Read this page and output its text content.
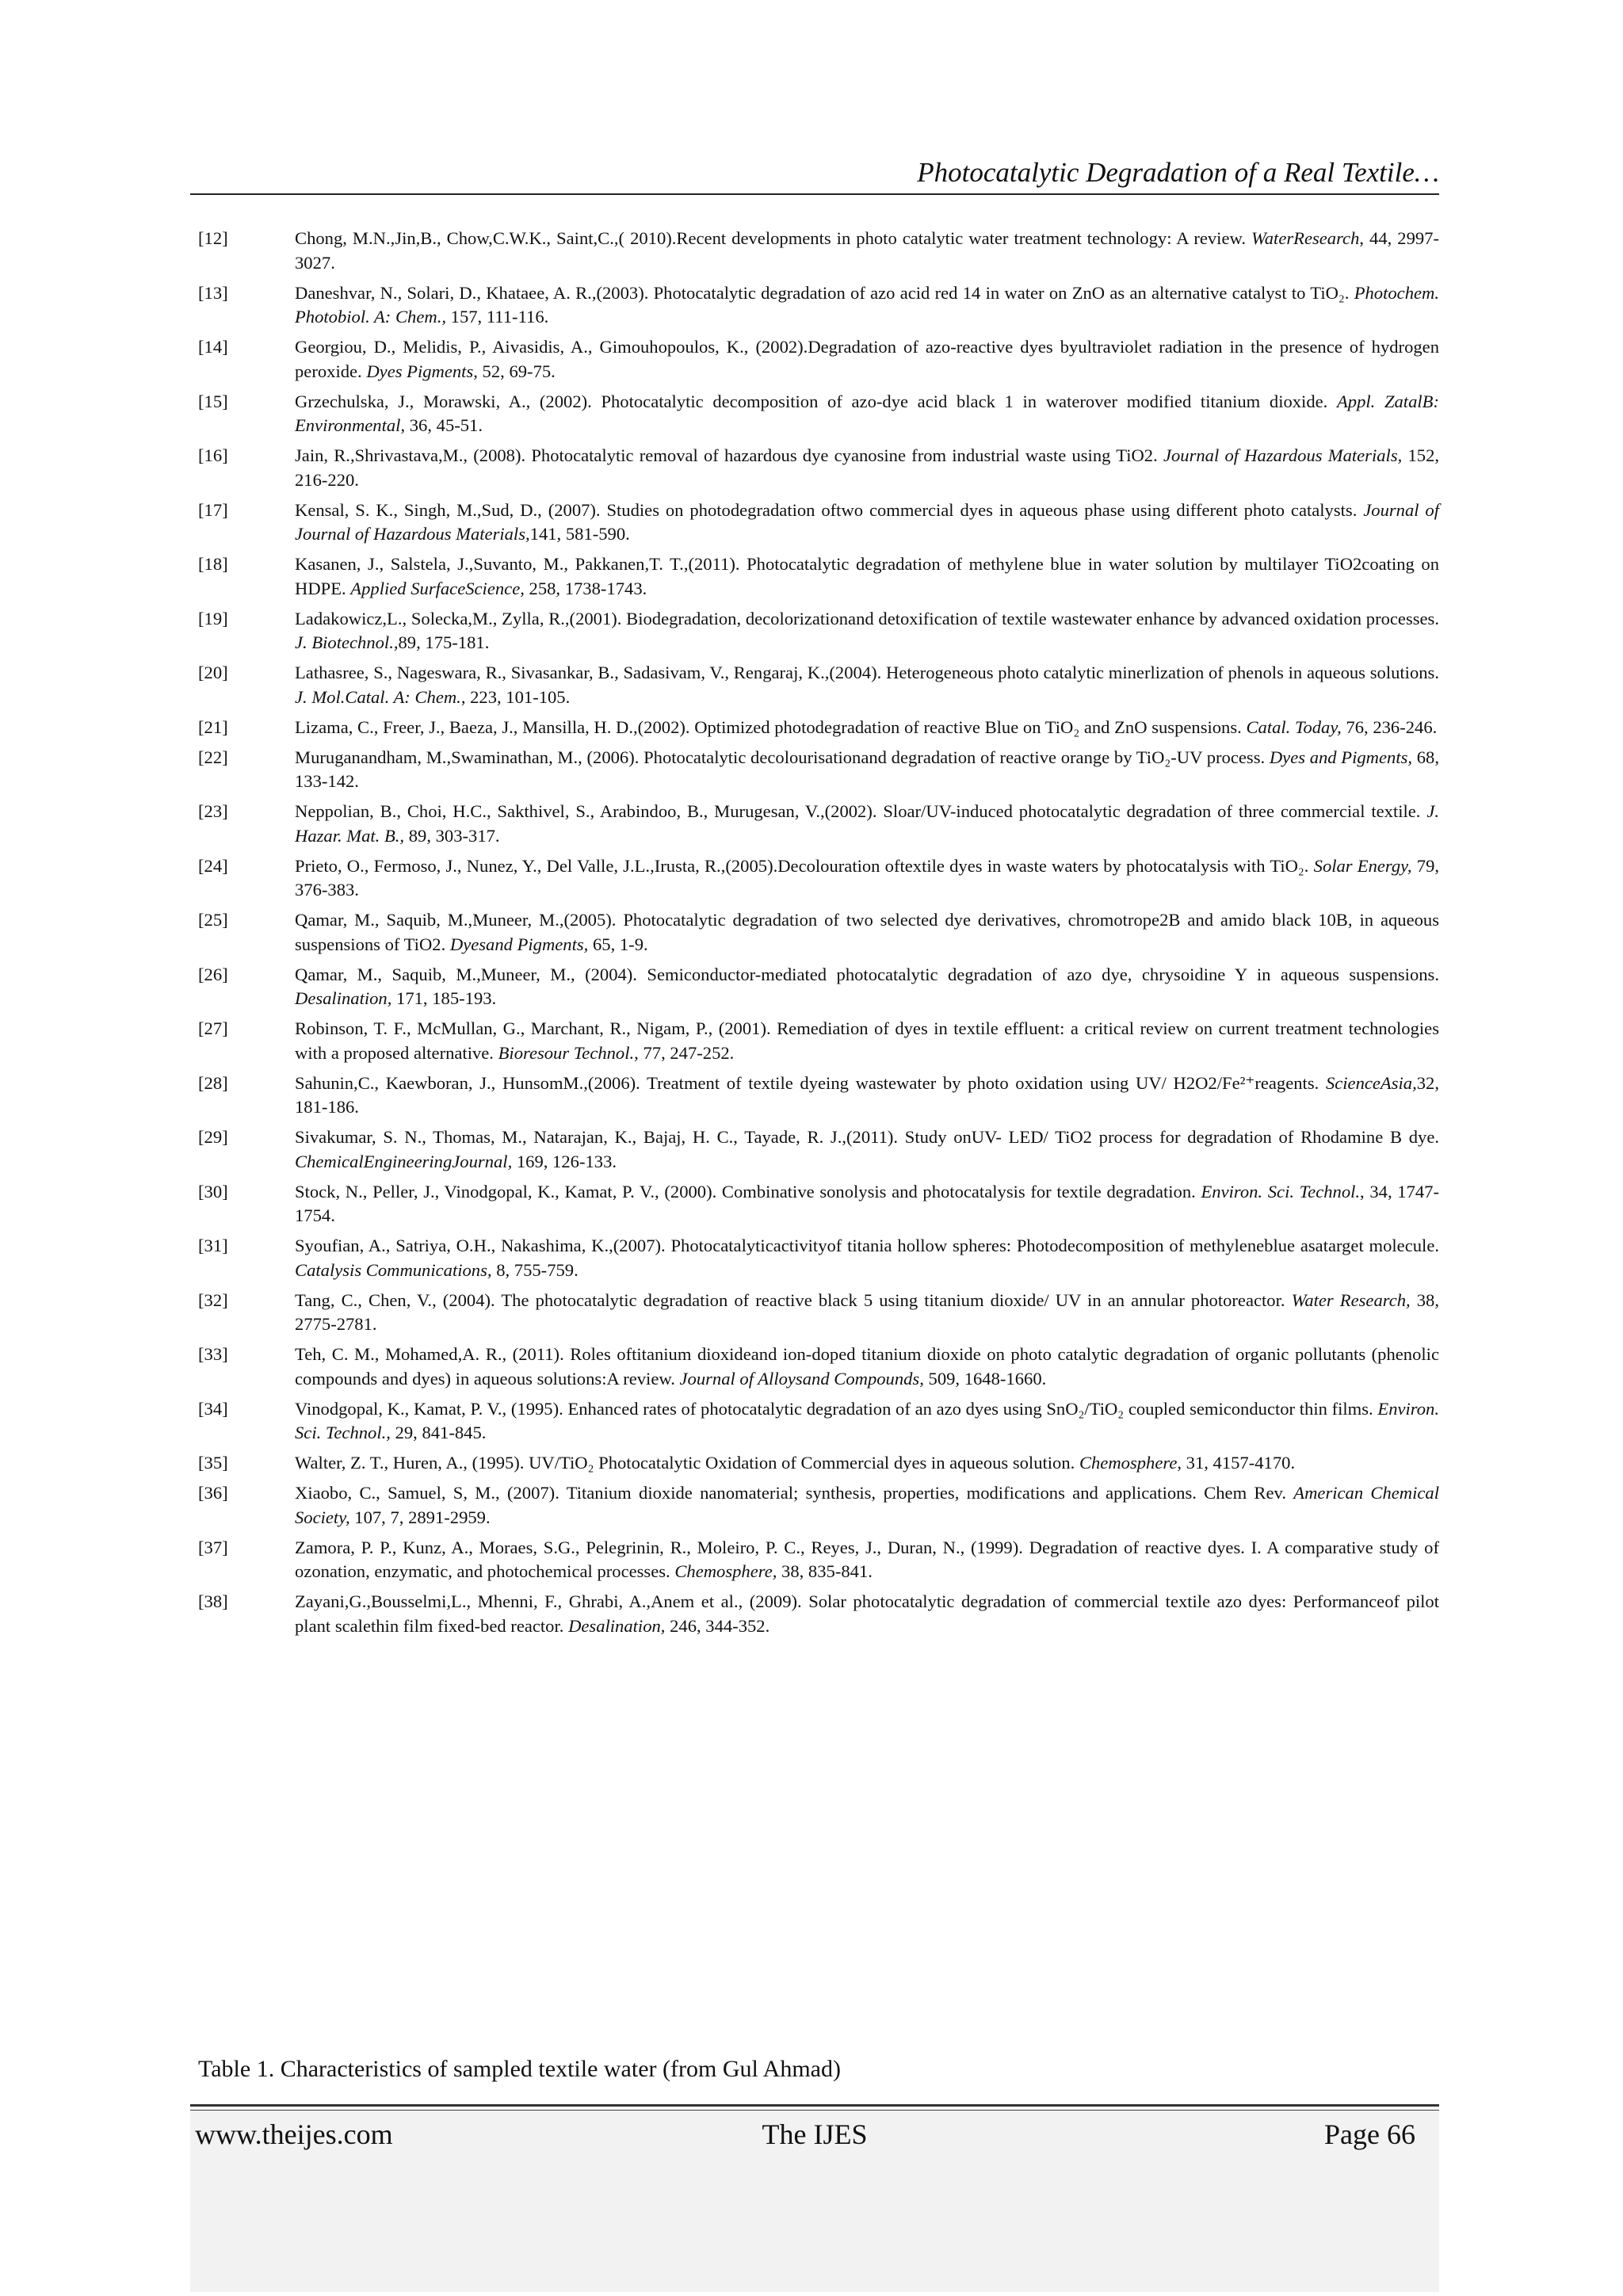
Photocatalytic Degradation of a Real Textile…
[12]	Chong, M.N.,Jin,B., Chow,C.W.K., Saint,C.,( 2010).Recent developments in photo catalytic water treatment technology: A review. WaterResearch, 44, 2997-3027.
[13]	Daneshvar, N., Solari, D., Khataee, A. R.,(2003). Photocatalytic degradation of azo acid red 14 in water on ZnO as an alternative catalyst to TiO₂. Photochem. Photobiol. A: Chem., 157, 111-116.
[14]	Georgiou, D., Melidis, P., Aivasidis, A., Gimouhopoulos, K., (2002).Degradation of azo-reactive dyes byultraviolet radiation in the presence of hydrogen peroxide. Dyes Pigments, 52, 69-75.
[15]	Grzechulska, J., Morawski, A., (2002). Photocatalytic decomposition of azo-dye acid black 1 in waterover modified titanium dioxide. Appl. ZatalB: Environmental, 36, 45-51.
[16]	Jain, R.,Shrivastava,M., (2008). Photocatalytic removal of hazardous dye cyanosine from industrial waste using TiO2. Journal of Hazardous Materials, 152, 216-220.
[17]	Kensal, S. K., Singh, M.,Sud, D., (2007). Studies on photodegradation oftwo commercial dyes in aqueous phase using different photo catalysts. Journal of Journal of Hazardous Materials,141, 581-590.
[18]	Kasanen, J., Salstela, J.,Suvanto, M., Pakkanen,T. T.,(2011). Photocatalytic degradation of methylene blue in water solution by multilayer TiO2coating on HDPE. Applied SurfaceScience, 258, 1738-1743.
[19]	Ladakowicz,L., Solecka,M., Zylla, R.,(2001). Biodegradation, decolorizationand detoxification of textile wastewater enhance by advanced oxidation processes. J. Biotechnol.,89, 175-181.
[20]	Lathasree, S., Nageswara, R., Sivasankar, B., Sadasivam, V., Rengaraj, K.,(2004). Heterogeneous photo catalytic minerlization of phenols in aqueous solutions. J. Mol.Catal. A: Chem., 223, 101-105.
[21]	Lizama, C., Freer, J., Baeza, J., Mansilla, H. D.,(2002). Optimized photodegradation of reactive Blue on TiO₂ and ZnO suspensions. Catal. Today, 76, 236-246.
[22]	Muruganandham, M.,Swaminathan, M., (2006). Photocatalytic decolourisationand degradation of reactive orange by TiO₂-UV process. Dyes and Pigments, 68, 133-142.
[23]	Neppolian, B., Choi, H.C., Sakthivel, S., Arabindoo, B., Murugesan, V.,(2002). Sloar/UV-induced photocatalytic degradation of three commercial textile. J. Hazar. Mat. B., 89, 303-317.
[24]	Prieto, O., Fermoso, J., Nunez, Y., Del Valle, J.L.,Irusta, R.,(2005).Decolouration oftextile dyes in waste waters by photocatalysis with TiO₂. Solar Energy, 79, 376-383.
[25]	Qamar, M., Saquib, M.,Muneer, M.,(2005). Photocatalytic degradation of two selected dye derivatives, chromotrope2B and amido black 10B, in aqueous suspensions of TiO2. Dyesand Pigments, 65, 1-9.
[26]	Qamar, M., Saquib, M.,Muneer, M., (2004). Semiconductor-mediated photocatalytic degradation of azo dye, chrysoidine Y in aqueous suspensions. Desalination, 171, 185-193.
[27]	Robinson, T. F., McMullan, G., Marchant, R., Nigam, P., (2001). Remediation of dyes in textile effluent: a critical review on current treatment technologies with a proposed alternative. Bioresour Technol., 77, 247-252.
[28]	Sahunin,C., Kaewboran, J., HunsomM.,(2006). Treatment of textile dyeing wastewater by photo oxidation using UV/ H2O2/Fe²⁺reagents. ScienceAsia,32, 181-186.
[29]	Sivakumar, S. N., Thomas, M., Natarajan, K., Bajaj, H. C., Tayade, R. J.,(2011). Study onUV- LED/ TiO2 process for degradation of Rhodamine B dye. ChemicalEngineeringJournal, 169, 126-133.
[30]	Stock, N., Peller, J., Vinodgopal, K., Kamat, P. V., (2000). Combinative sonolysis and photocatalysis for textile degradation. Environ. Sci. Technol., 34, 1747-1754.
[31]	Syoufian, A., Satriya, O.H., Nakashima, K.,(2007). Photocatalyticactivityof titania hollow spheres: Photodecomposition of methyleneblue asatarget molecule. Catalysis Communications, 8, 755-759.
[32]	Tang, C., Chen, V., (2004). The photocatalytic degradation of reactive black 5 using titanium dioxide/ UV in an annular photoreactor. Water Research, 38, 2775-2781.
[33]	Teh, C. M., Mohamed,A. R., (2011). Roles oftitanium dioxideand ion-doped titanium dioxide on photo catalytic degradation of organic pollutants (phenolic compounds and dyes) in aqueous solutions:A review. Journal of Alloysand Compounds, 509, 1648-1660.
[34]	Vinodgopal, K., Kamat, P. V., (1995). Enhanced rates of photocatalytic degradation of an azo dyes using SnO₂/TiO₂ coupled semiconductor thin films. Environ. Sci. Technol., 29, 841-845.
[35]	Walter, Z. T., Huren, A., (1995). UV/TiO₂ Photocatalytic Oxidation of Commercial dyes in aqueous solution. Chemosphere, 31, 4157-4170.
[36]	Xiaobo, C., Samuel, S, M., (2007). Titanium dioxide nanomaterial; synthesis, properties, modifications and applications. Chem Rev. American Chemical Society, 107, 7, 2891-2959.
[37]	Zamora, P. P., Kunz, A., Moraes, S.G., Pelegrinin, R., Moleiro, P. C., Reyes, J., Duran, N., (1999). Degradation of reactive dyes. I. A comparative study of ozonation, enzymatic, and photochemical processes. Chemosphere, 38, 835-841.
[38]	Zayani,G.,Bousselmi,L., Mhenni, F., Ghrabi, A.,Anem et al., (2009). Solar photocatalytic degradation of commercial textile azo dyes: Performanceof pilot plant scalethin film fixed-bed reactor. Desalination, 246, 344-352.
Table 1. Characteristics of sampled textile water (from Gul Ahmad)
www.theijes.com	The IJES	Page 66
